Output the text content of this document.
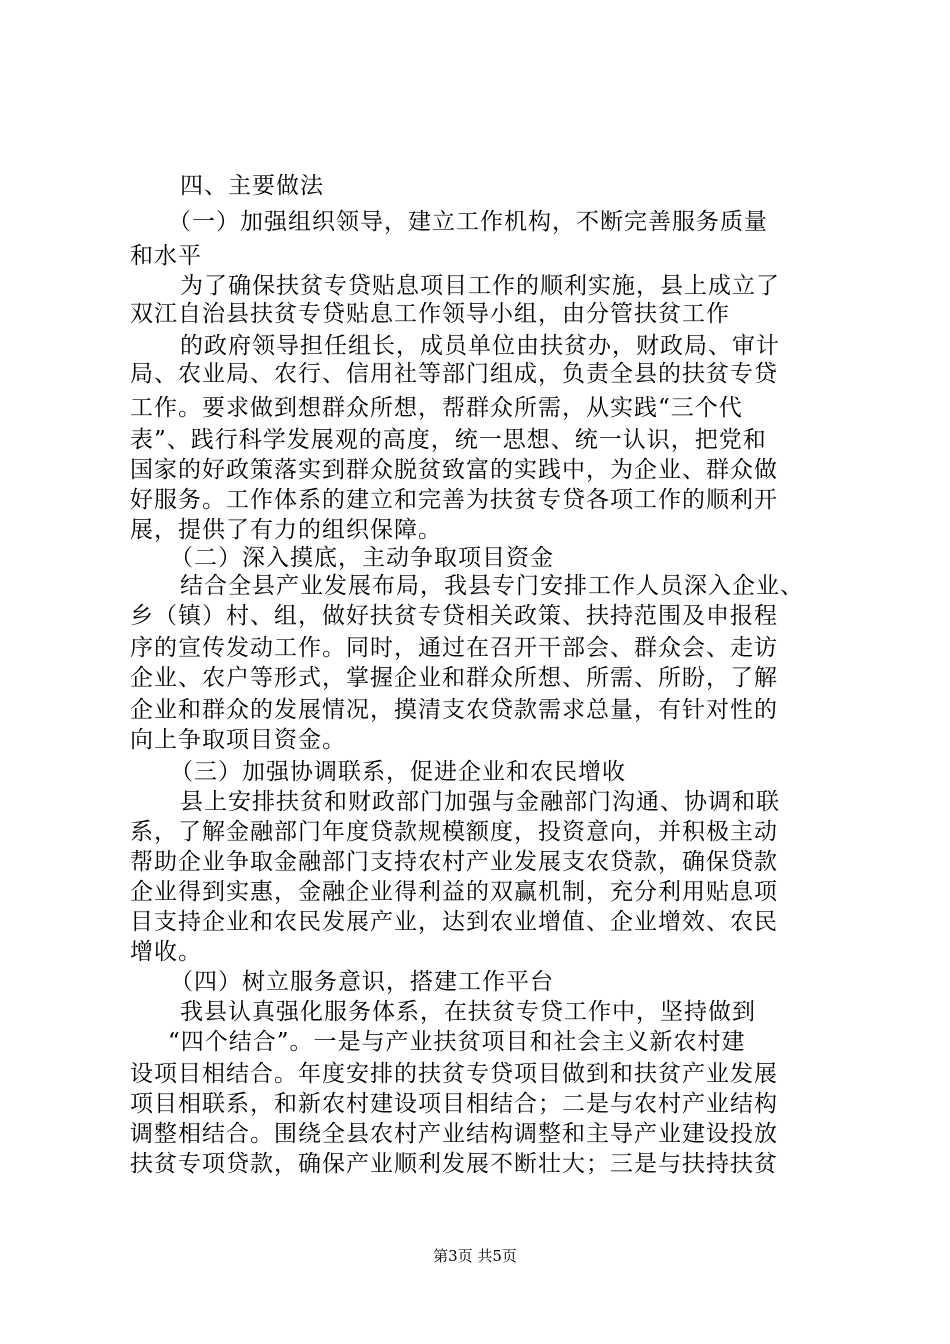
四、主要做法
（一）加强组织领导，建立工作机构，不断完善服务质量
和水平
为了确保扶贫专贷贴息项目工作的顺利实施，县上成立了
双江自治县扶贫专贷贴息工作领导小组，由分管扶贫工作
的政府领导担任组长，成员单位由扶贫办，财政局、审计
局、农业局、农行、信用社等部门组成，负责全县的扶贫专贷
工作。要求做到想群众所想，帮群众所需，从实践“三个代
表”、践行科学发展观的高度，统一思想、统一认识，把党和
国家的好政策落实到群众脱贫致富的实践中，为企业、群众做
好服务。工作体系的建立和完善为扶贫专贷各项工作的顺利开
展，提供了有力的组织保障。
（二）深入摸底，主动争取项目资金
结合全县产业发展布局，我县专门安排工作人员深入企业、
乡（镇）村、组，做好扶贫专贷相关政策、扶持范围及申报程
序的宣传发动工作。同时，通过在召开干部会、群众会、走访
企业、农户等形式，掌握企业和群众所想、所需、所盼，了解
企业和群众的发展情况，摸清支农贷款需求总量，有针对性的
向上争取项目资金。
（三）加强协调联系，促进企业和农民增收
县上安排扶贫和财政部门加强与金融部门沟通、协调和联
系，了解金融部门年度贷款规模额度，投资意向，并积极主动
帮助企业争取金融部门支持农村产业发展支农贷款，确保贷款
企业得到实惠，金融企业得利益的双赢机制，充分利用贴息项
目支持企业和农民发展产业，达到农业增值、企业增效、农民
增收。
（四）树立服务意识，搭建工作平台
我县认真强化服务体系，在扶贫专贷工作中，坚持做到
“四个结合”。一是与产业扶贫项目和社会主义新农村建
设项目相结合。年度安排的扶贫专贷项目做到和扶贫产业发展
项目相联系，和新农村建设项目相结合；二是与农村产业结构
调整相结合。围绕全县农村产业结构调整和主导产业建设投放
扶贫专项贷款，确保产业顺利发展不断壮大；三是与扶持扶贫
第3页 共5页
